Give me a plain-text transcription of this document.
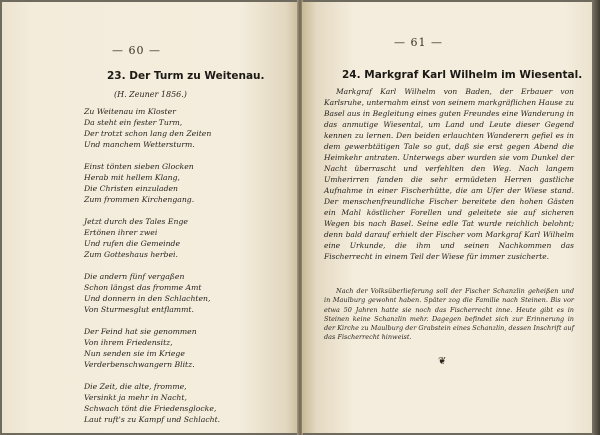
— 60 —
23. Der Turm zu Weitenau.
(H. Zeuner 1856.)
Zu Weitenau im Kloster
Da steht ein fester Turm,
Der trotzt schon lang den Zeiten
Und manchem Wettersturm.
Einst tönten sieben Glocken
Herab mit hellem Klang,
Die Christen einzuladen
Zum frommen Kirchengang.
Jetzt durch des Tales Enge
Ertönen ihrer zwei
Und rufen die Gemeinde
Zum Gotteshaus herbei.
Die andern fünf vergaßen
Schon längst das fromme Amt
Und donnern in den Schlachten,
Von Sturmesglut entflammt.
Der Feind hat sie genommen
Von ihrem Friedensitz,
Nun senden sie im Kriege
Verderbenschwangern Blitz.
Die Zeit, die alte, fromme,
Versinkt ja mehr in Nacht,
Schwach tönt die Friedensglocke,
Laut ruft's zu Kampf und Schlacht.
— 61 —
24. Markgraf Karl Wilhelm im Wiesental.

Markgraf Karl Wilhelm von Baden, der Erbauer von Karlsruhe, unternahm einst von seinem markgräflichen Hause zu Basel aus in Begleitung eines guten Freundes eine Wanderung in das anmutige Wiesental, um Land und Leute dieser Gegend kennen zu lernen. Den beiden erlauchten Wanderern gefiel es in dem gewerbtätigen Tale so gut, daß sie erst gegen Abend die Heimkehr antraten. Unterwegs aber wurden sie vom Dunkel der Nacht überrascht und verfehlten den Weg. Nach langem Umherirren fanden die sehr ermüdeten Herren gastliche Aufnahme in einer Fischerhütte, die am Ufer der Wiese stand. Der menschenfreundliche Fischer bereitete den hohen Gästen ein Mahl köstlicher Forellen und geleitete sie auf sicheren Wegen bis nach Basel. Seine edle Tat wurde reichlich belohnt; denn bald darauf erhielt der Fischer vom Markgraf Karl Wilhelm eine Urkunde, die ihm und seinen Nachkommen das Fischerrecht in einem Teil der Wiese für immer zusicherte.

Nach der Volksüberlieferung soll der Fischer Schanzlin geheißen und in Maulburg gewohnt haben. Später zog die Familie nach Steinen. Bis vor etwa 50 Jahren hatte sie noch das Fischerrecht inne. Heute gibt es in Steinen keine Schanzlin mehr. Dagegen befindet sich zur Erinnerung in der Kirche zu Maulburg der Grabstein eines Schanzlin, dessen Inschrift auf das Fischerrecht hinweist.

❦
